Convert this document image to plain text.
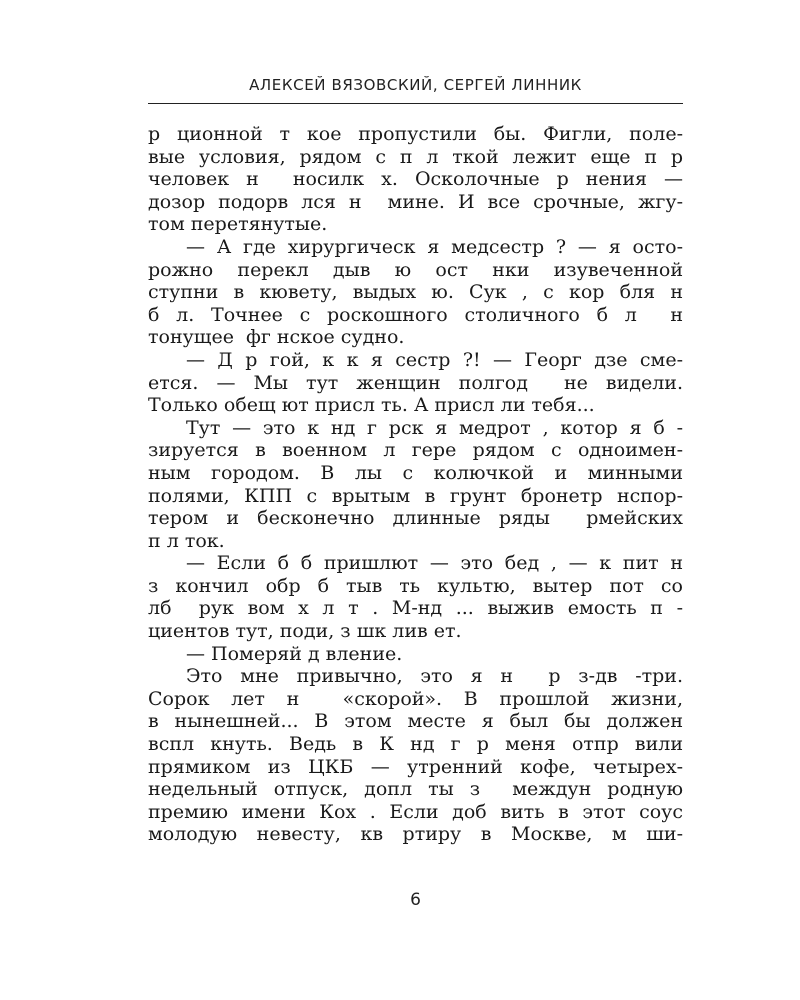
АЛЕКСЕЙ ВЯЗОВСКИЙ, СЕРГЕЙ ЛИННИК
р ционной т кое пропустили бы. Фигли, поле-
вые условия, рядом с п л ткой лежит еще п р
человек н  носилк х. Осколочные р нения —
дозор подорв лся н  мине. И все срочные, жгу-
том перетянутые.
— А где хирургическ я медсестр ? — я осто-
рожно перекл дыв ю ост нки изувеченной
ступни в кювету, выдых ю. Сук , с кор бля н
б л. Точнее с роскошного столичного б л  н
тонущее  фг нское судно.
— Д р гой, к к я сестр ?! — Георг дзе сме-
ется. — Мы тут женщин полгод  не видели.
Только обещ ют присл ть. А присл ли тебя...
Тут — это к нд г рск я медрот , котор я б -
зируется в военном л гере рядом с одноимен-
ным городом. В лы с колючкой и минными
полями, КПП с врытым в грунт бронетр нспор-
тером и бесконечно длинные ряды  рмейских
п л ток.
— Если б б пришлют — это бед , — к пит н
з кончил обр б тыв ть культю, вытер пот со
лб  рук вом х л т . М-нд ... выжив емость п -
циентов тут, поди, з шк лив ет.
— Померяй д вление.
Это мне привычно, это я н  р з-дв -три.
Сорок лет н  «скорой». В прошлой жизни,
в нынешней... В этом месте я был бы должен
вспл кнуть. Ведь в К нд г р меня отпр вили
прямиком из ЦКБ — утренний кофе, четырех-
недельный отпуск, допл ты з  междун родную
премию имени Кох . Если доб вить в этот соус
молодую невесту, кв ртиру в Москве, м ши-
6
